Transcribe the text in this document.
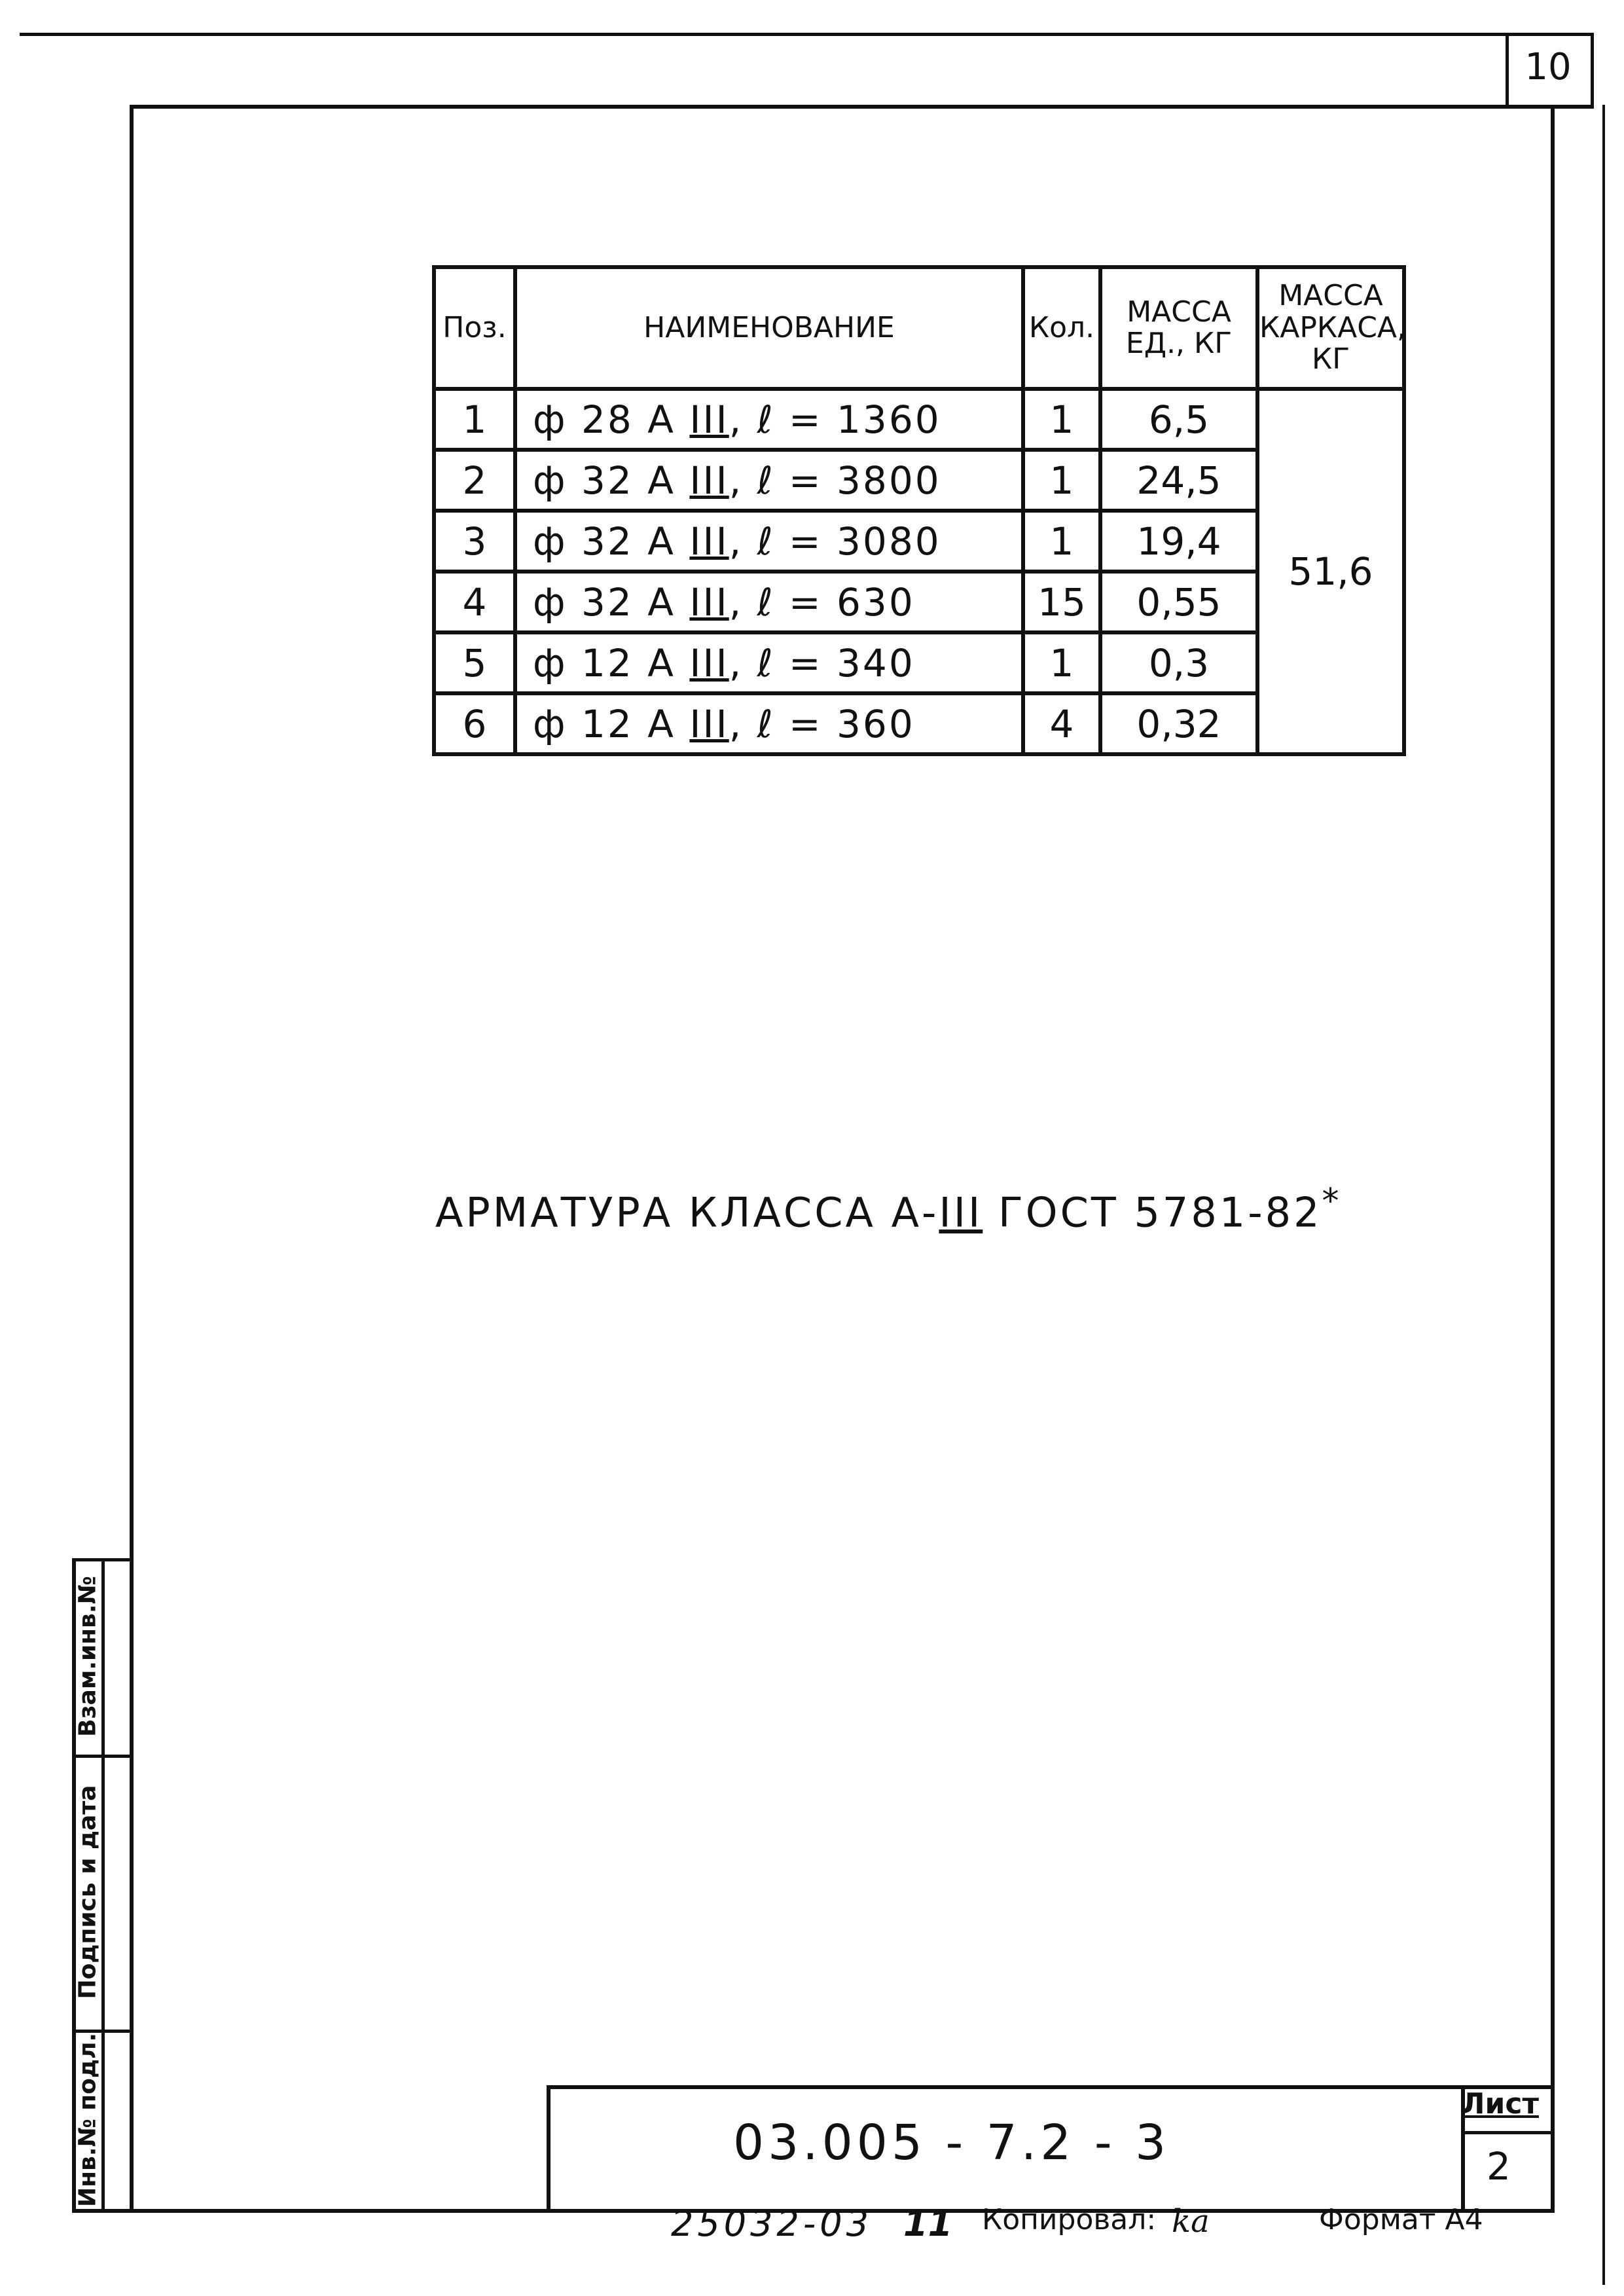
10
Поз.	НАИМЕНОВАНИЕ	Кол.	МАССА ЕД., КГ	МАССА КАРКАСА, КГ
1	ф 28 А III, ℓ = 1360	1	6,5	51,6
2	ф 32 А III, ℓ = 3800	1	24,5	
3	ф 32 А III, ℓ = 3080	1	19,4	
4	ф 32 А III, ℓ = 630	15	0,55	
5	ф 12 А III, ℓ = 340	1	0,3	
6	ф 12 А III, ℓ = 360	4	0,32	
АРМАТУРА КЛАССА А-III ГОСТ 5781-82*
Взам.инв.№
Подпись и дата
Инв.№ подл.	03.005 - 7.2 - 3
Лист
2
25032-03 11 Копировал: ka	Формат А4
